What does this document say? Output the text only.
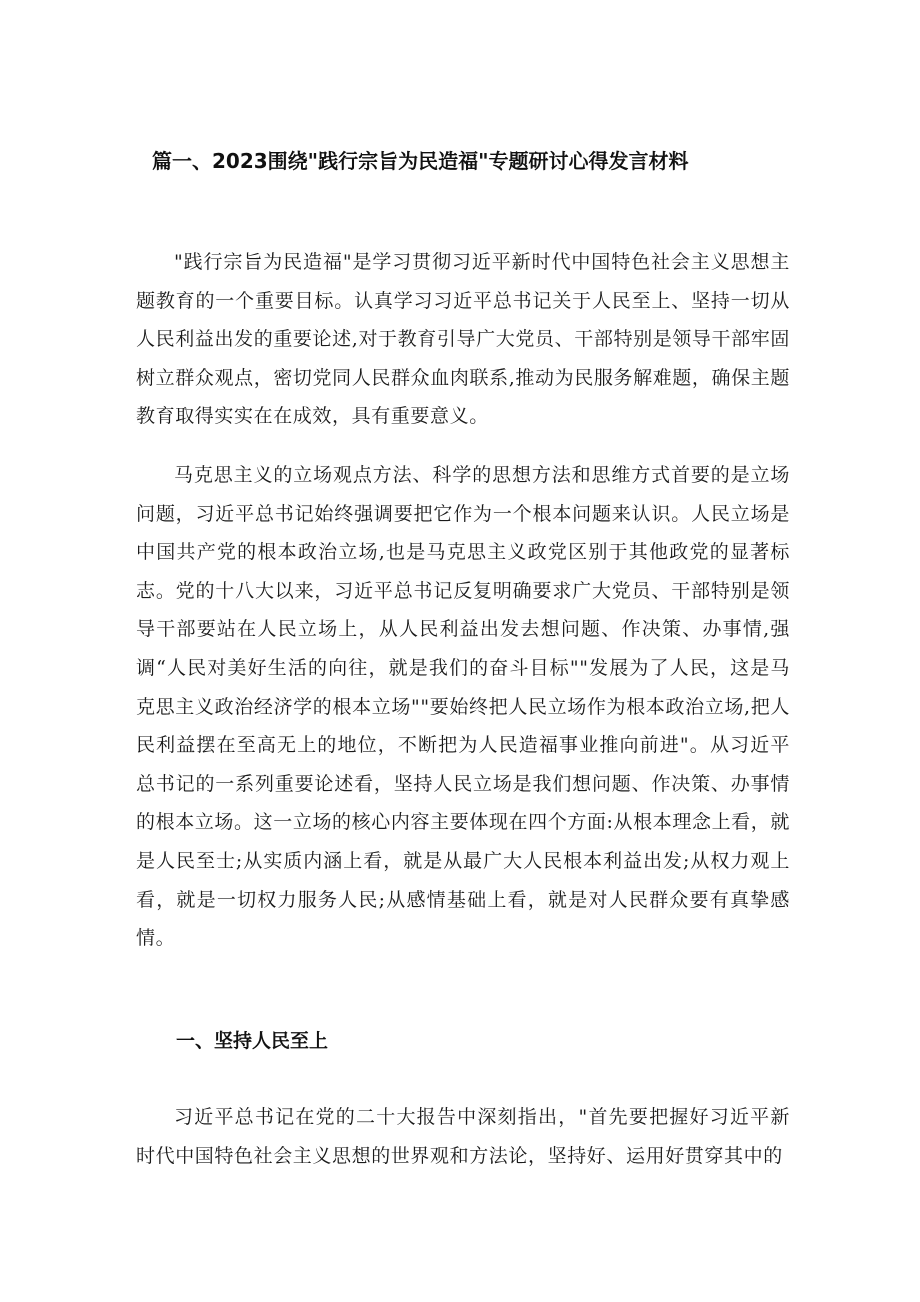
篇一、2023围绕"践行宗旨为民造福"专题研讨心得发言材料

"践行宗旨为民造福"是学习贯彻习近平新时代中国特色社会主义思想主题教育的一个重要目标。认真学习习近平总书记关于人民至上、坚持一切从人民利益出发的重要论述,对于教育引导广大党员、干部特别是领导干部牢固树立群众观点，密切党同人民群众血肉联系,推动为民服务解难题，确保主题教育取得实实在在成效，具有重要意义。

马克思主义的立场观点方法、科学的思想方法和思维方式首要的是立场问题，习近平总书记始终强调要把它作为一个根本问题来认识。人民立场是中国共产党的根本政治立场,也是马克思主义政党区别于其他政党的显著标志。党的十八大以来，习近平总书记反复明确要求广大党员、干部特别是领导干部要站在人民立场上，从人民利益出发去想问题、作决策、办事情,强调“人民对美好生活的向往，就是我们的奋斗目标""发展为了人民，这是马克思主义政治经济学的根本立场""要始终把人民立场作为根本政治立场,把人民利益摆在至高无上的地位，不断把为人民造福事业推向前进"。从习近平总书记的一系列重要论述看，坚持人民立场是我们想问题、作决策、办事情的根本立场。这一立场的核心内容主要体现在四个方面:从根本理念上看，就是人民至士;从实质内涵上看，就是从最广大人民根本利益出发;从权力观上看，就是一切权力服务人民;从感情基础上看，就是对人民群众要有真挚感情。

一、坚持人民至上

习近平总书记在党的二十大报告中深刻指出，"首先要把握好习近平新时代中国特色社会主义思想的世界观和方法论，坚持好、运用好贯穿其中的
